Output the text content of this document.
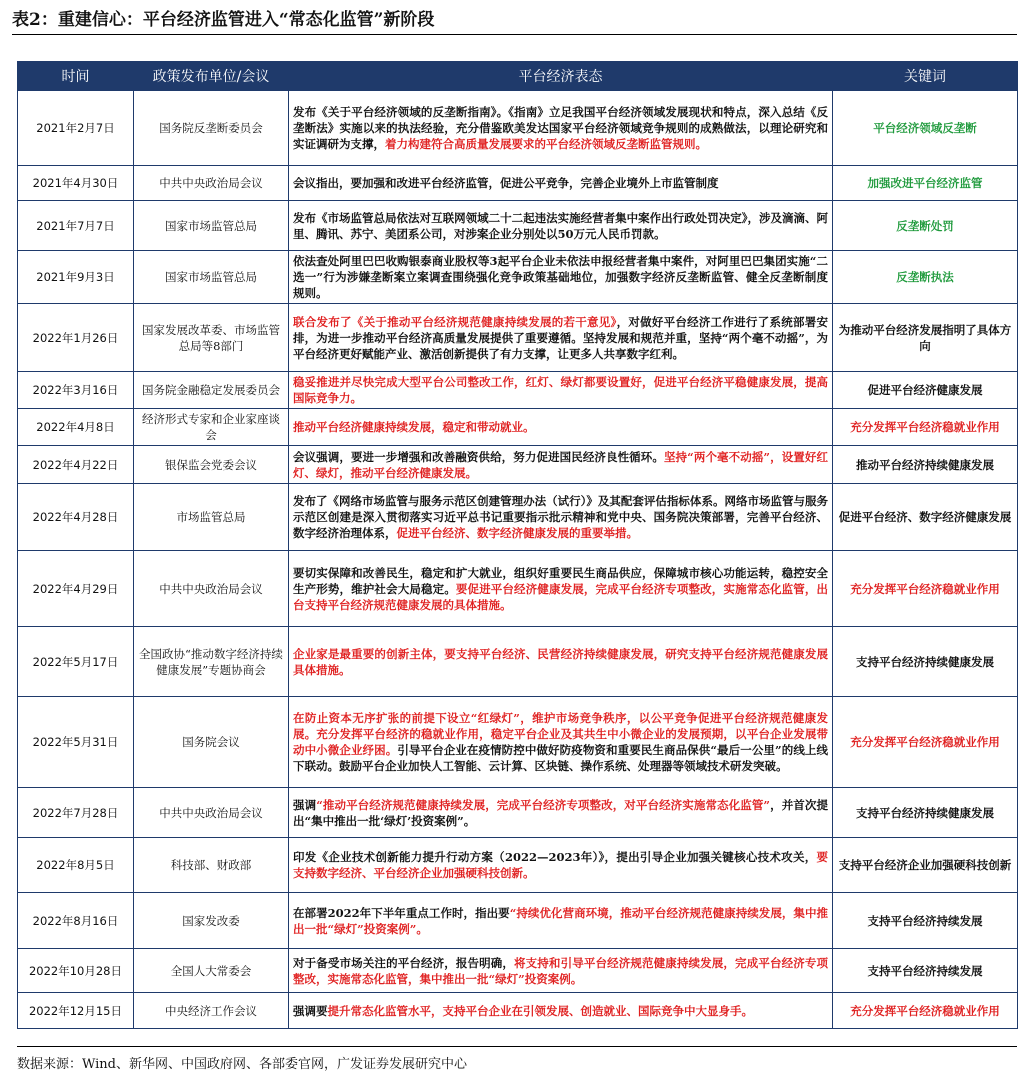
表2：重建信心：平台经济监管进入“常态化监管”新阶段
时间	政策发布单位/会议	平台经济表态	关键词
2021年2月7日	国务院反垄断委员会	发布《关于平台经济领域的反垄断指南》。《指南》立足我国平台经济领域发展现状和特点，深入总结《反垄断法》实施以来的执法经验，充分借鉴欧美发达国家平台经济领域竞争规则的成熟做法，以理论研究和实证调研为支撑，着力构建符合高质量发展要求的平台经济领域反垄断监管规则。	平台经济领域反垄断
2021年4月30日	中共中央政治局会议	会议指出，要加强和改进平台经济监管，促进公平竞争，完善企业境外上市监管制度	加强改进平台经济监管
2021年7月7日	国家市场监管总局	发布《市场监管总局依法对互联网领域二十二起违法实施经营者集中案作出行政处罚决定》，涉及滴滴、阿里、腾讯、苏宁、美团系公司，对涉案企业分别处以50万元人民币罚款。	反垄断处罚
2021年9月3日	国家市场监管总局	依法查处阿里巴巴收购银泰商业股权等3起平台企业未依法申报经营者集中案件，对阿里巴巴集团实施“二选一”行为涉嫌垄断案立案调查围绕强化竞争政策基础地位，加强数字经济反垄断监管、健全反垄断制度规则。	反垄断执法
2022年1月26日	国家发展改革委、市场监管总局等8部门	联合发布了《关于推动平台经济规范健康持续发展的若干意见》，对做好平台经济工作进行了系统部署安排，为进一步推动平台经济高质量发展提供了重要遵循。坚持发展和规范并重，坚持“两个毫不动摇”，为平台经济更好赋能产业、激活创新提供了有力支撑，让更多人共享数字红利。	为推动平台经济发展指明了具体方向
2022年3月16日	国务院金融稳定发展委员会	稳妥推进并尽快完成大型平台公司整改工作，红灯、绿灯都要设置好，促进平台经济平稳健康发展，提高国际竞争力。	促进平台经济健康发展
2022年4月8日	经济形式专家和企业家座谈会	推动平台经济健康持续发展，稳定和带动就业。	充分发挥平台经济稳就业作用
2022年4月22日	银保监会党委会议	会议强调，要进一步增强和改善融资供给，努力促进国民经济良性循环。坚持“两个毫不动摇”，设置好红灯、绿灯，推动平台经济健康发展。	推动平台经济持续健康发展
2022年4月28日	市场监管总局	发布了《网络市场监管与服务示范区创建管理办法（试行）》及其配套评估指标体系。网络市场监管与服务示范区创建是深入贯彻落实习近平总书记重要指示批示精神和党中央、国务院决策部署，完善平台经济、数字经济治理体系，促进平台经济、数字经济健康发展的重要举措。	促进平台经济、数字经济健康发展
2022年4月29日	中共中央政治局会议	要切实保障和改善民生，稳定和扩大就业，组织好重要民生商品供应，保障城市核心功能运转，稳控安全生产形势，维护社会大局稳定。要促进平台经济健康发展，完成平台经济专项整改，实施常态化监管，出台支持平台经济规范健康发展的具体措施。	充分发挥平台经济稳就业作用
2022年5月17日	全国政协“推动数字经济持续健康发展”专题协商会	企业家是最重要的创新主体，要支持平台经济、民营经济持续健康发展，研究支持平台经济规范健康发展具体措施。	支持平台经济持续健康发展
2022年5月31日	国务院会议	在防止资本无序扩张的前提下设立“红绿灯”，维护市场竞争秩序，以公平竞争促进平台经济规范健康发展。充分发挥平台经济的稳就业作用，稳定平台企业及其共生中小微企业的发展预期，以平台企业发展带动中小微企业纾困。引导平台企业在疫情防控中做好防疫物资和重要民生商品保供“最后一公里”的线上线下联动。鼓励平台企业加快人工智能、云计算、区块链、操作系统、处理器等领域技术研发突破。	充分发挥平台经济稳就业作用
2022年7月28日	中共中央政治局会议	强调“推动平台经济规范健康持续发展，完成平台经济专项整改，对平台经济实施常态化监管”，并首次提出“集中推出一批‘绿灯’投资案例”。	支持平台经济持续健康发展
2022年8月5日	科技部、财政部	印发《企业技术创新能力提升行动方案（2022—2023年）》，提出引导企业加强关键核心技术攻关，要支持数字经济、平台经济企业加强硬科技创新。	支持平台经济企业加强硬科技创新
2022年8月16日	国家发改委	在部署2022年下半年重点工作时，指出要“持续优化营商环境，推动平台经济规范健康持续发展，集中推出一批“绿灯”投资案例”。	支持平台经济持续发展
2022年10月28日	全国人大常委会	对于备受市场关注的平台经济，报告明确，将支持和引导平台经济规范健康持续发展，完成平台经济专项整改，实施常态化监管，集中推出一批“绿灯”投资案例。	支持平台经济持续发展
2022年12月15日	中央经济工作会议	强调要提升常态化监管水平，支持平台企业在引领发展、创造就业、国际竞争中大显身手。	充分发挥平台经济稳就业作用
数据来源：Wind、新华网、中国政府网、各部委官网，广发证券发展研究中心
